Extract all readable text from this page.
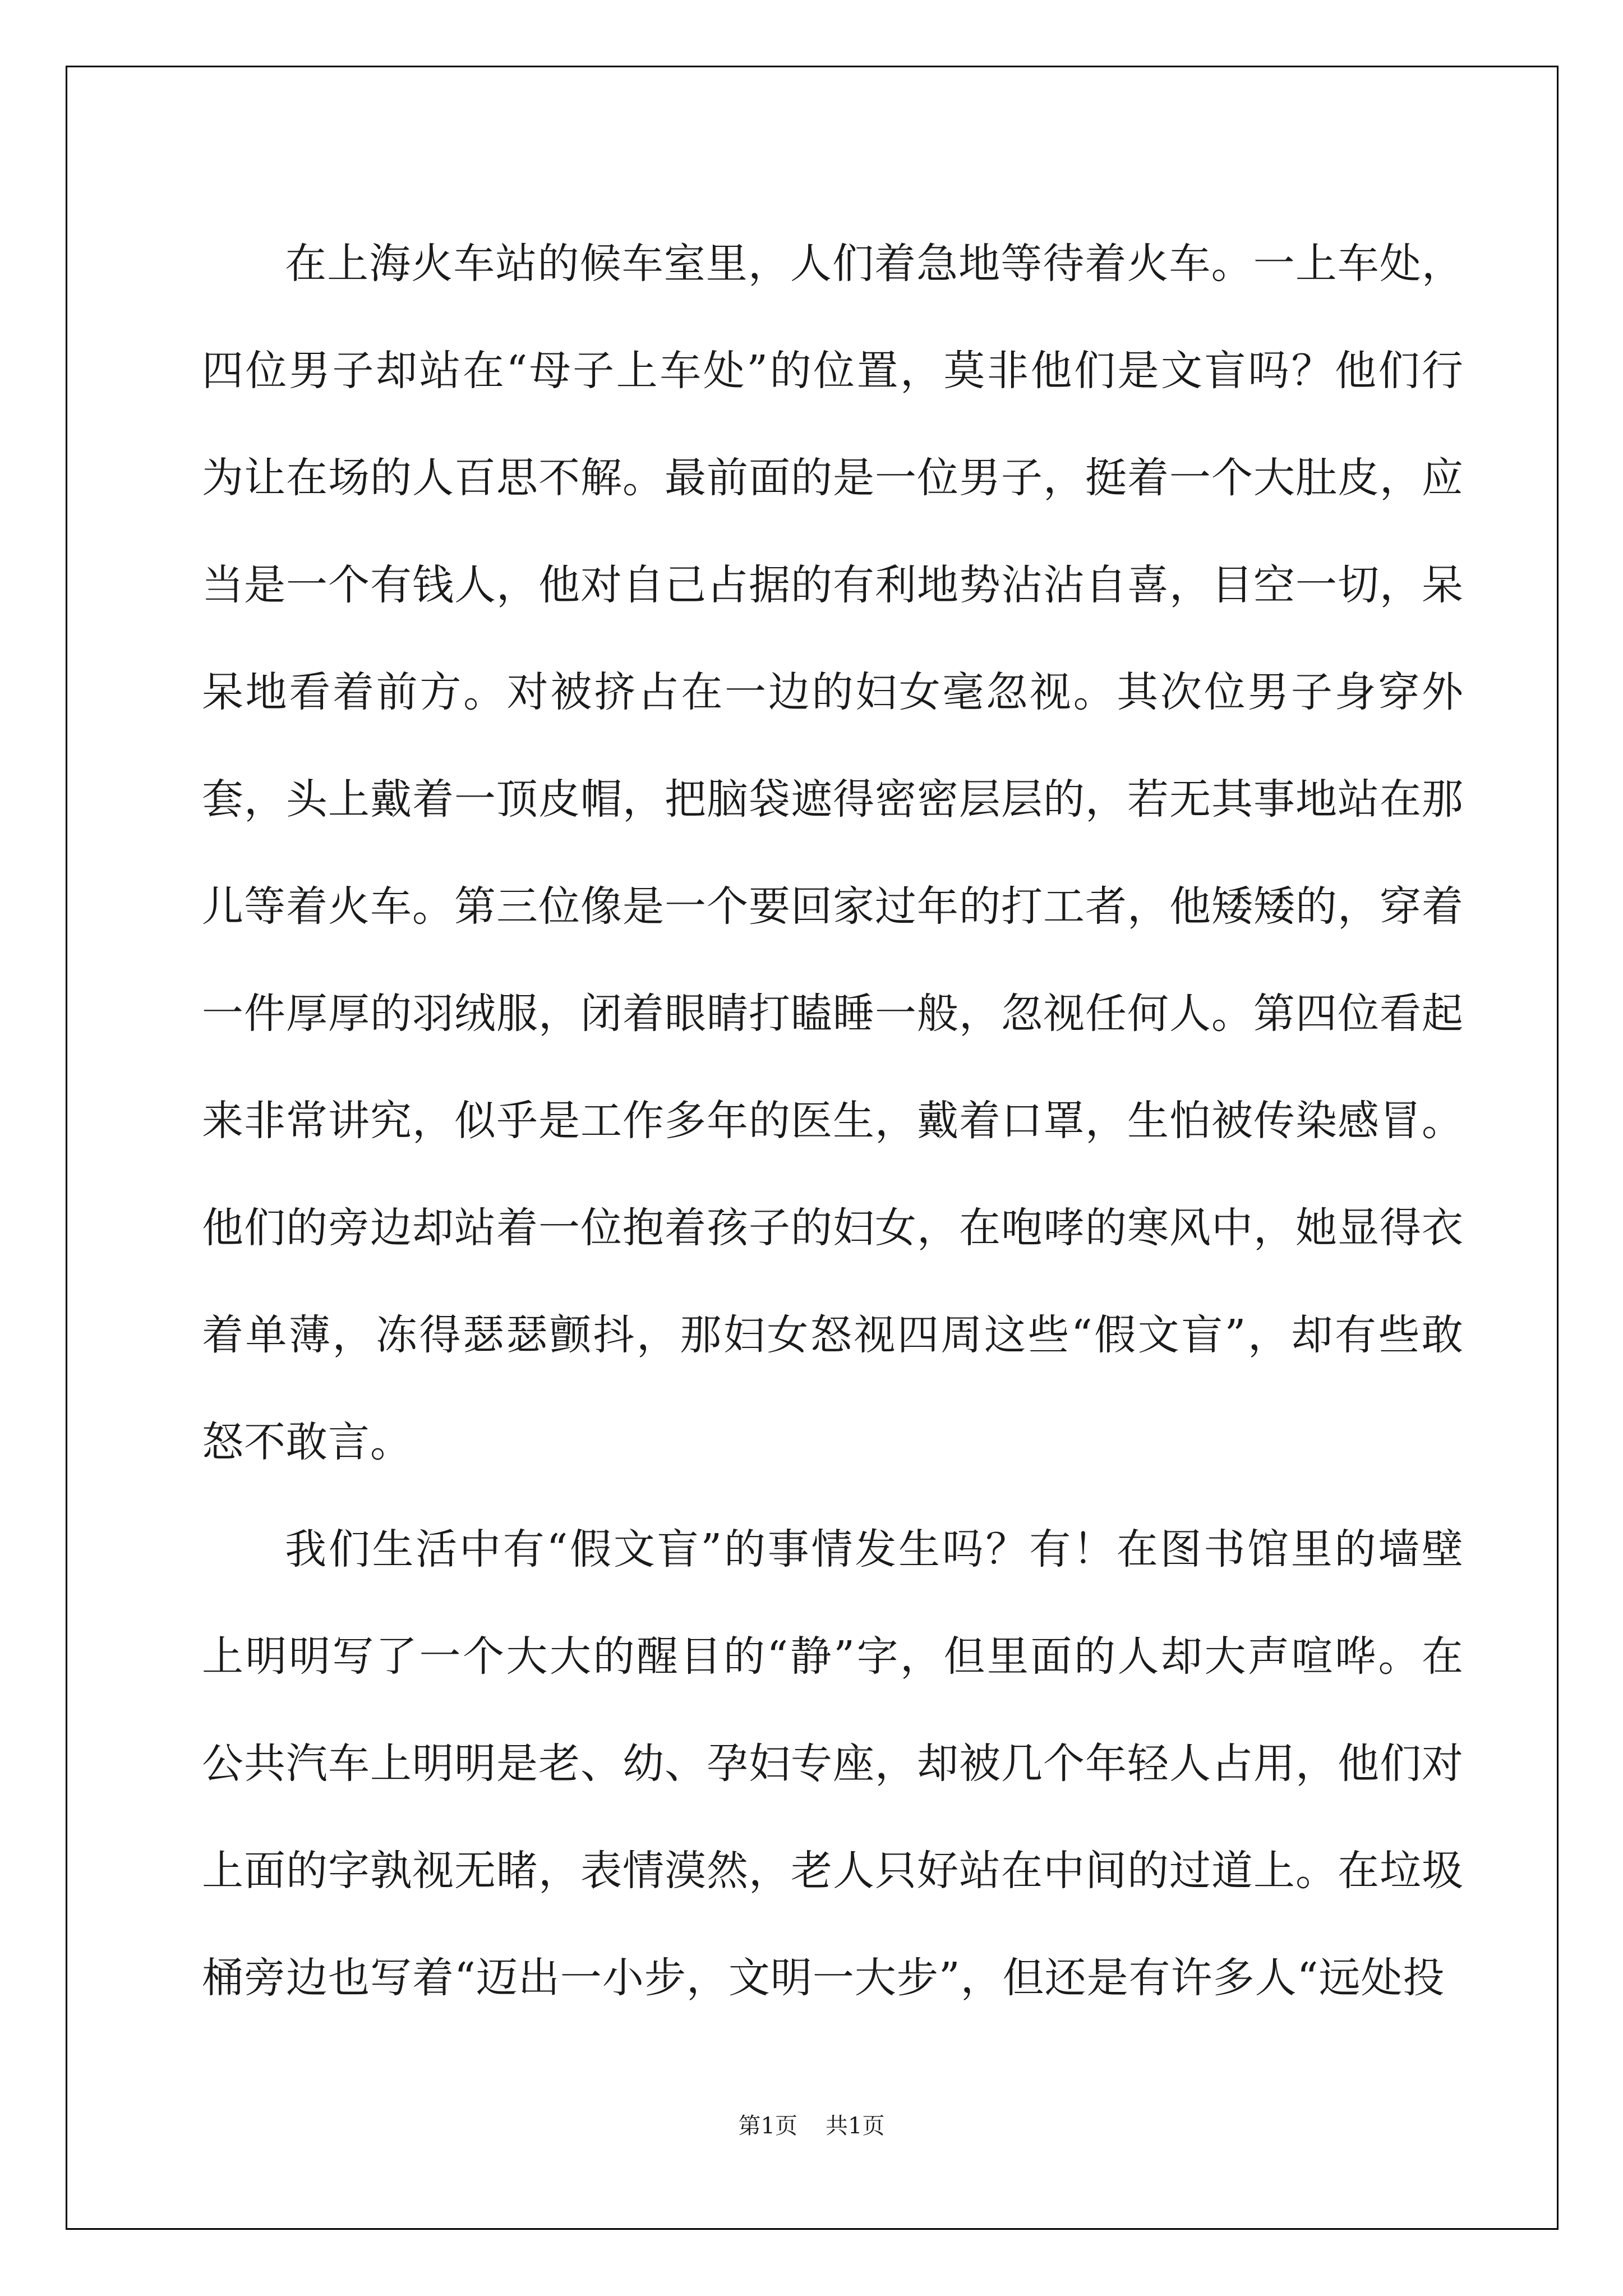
在上海火车站的候车室里，人们着急地等待着火车。一上车处，四位男子却站在“母子上车处”的位置，莫非他们是文盲吗？他们行为让在场的人百思不解。最前面的是一位男子，挺着一个大肚皮，应当是一个有钱人，他对自己占据的有利地势沾沾自喜，目空一切，呆呆地看着前方。对被挤占在一边的妇女毫忽视。其次位男子身穿外套，头上戴着一顶皮帽，把脑袋遮得密密层层的，若无其事地站在那儿等着火车。第三位像是一个要回家过年的打工者，他矮矮的，穿着一件厚厚的羽绒服，闭着眼睛打瞌睡一般，忽视任何人。第四位看起来非常讲究，似乎是工作多年的医生，戴着口罩，生怕被传染感冒。他们的旁边却站着一位抱着孩子的妇女，在咆哮的寒风中，她显得衣着单薄，冻得瑟瑟颤抖，那妇女怒视四周这些“假文盲”，却有些敢怒不敢言。

我们生活中有“假文盲”的事情发生吗？有！在图书馆里的墙壁上明明写了一个大大的醒目的“静”字，但里面的人却大声喧哗。在公共汽车上明明是老、幼、孕妇专座，却被几个年轻人占用，他们对上面的字孰视无睹，表情漠然，老人只好站在中间的过道上。在垃圾桶旁边也写着“迈出一小步，文明一大步”，但还是有许多人“远处投

第1页 共1页
